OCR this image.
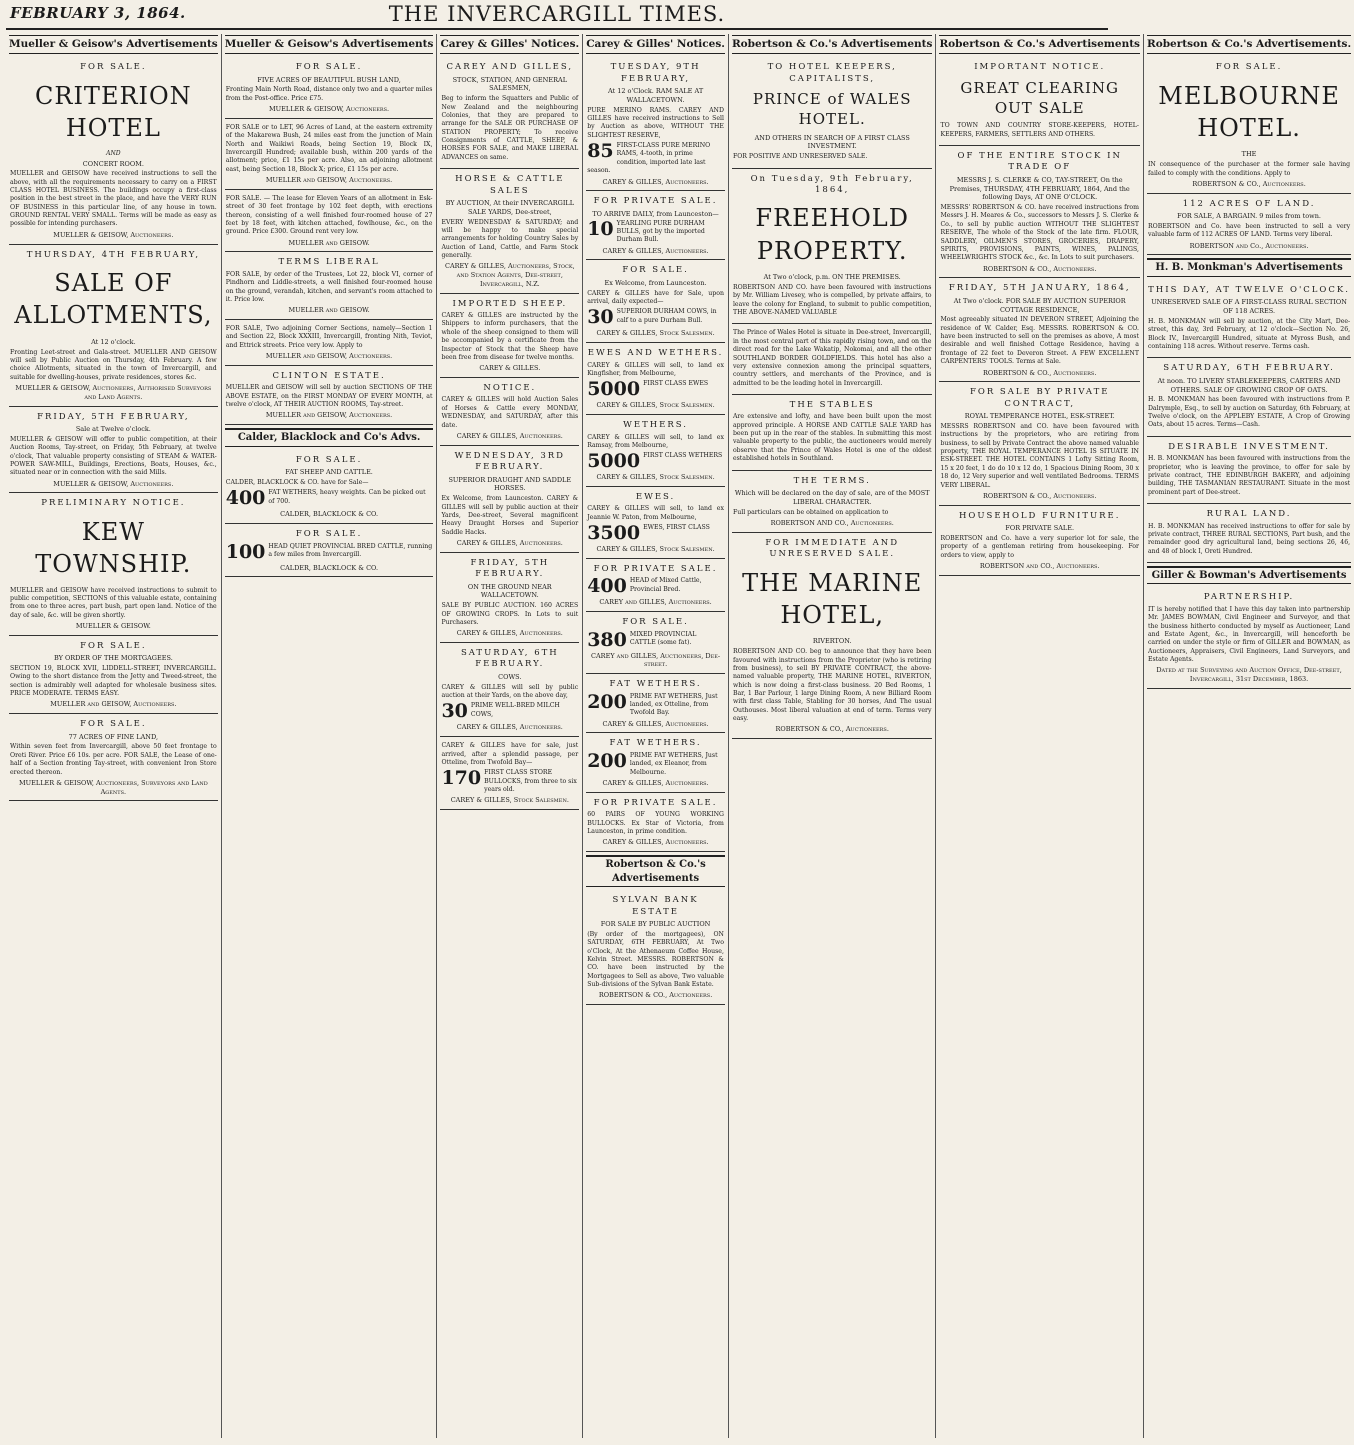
FEBRUARY 3, 1864.	THE INVERCARGILL TIMES.
Mueller & Geisow's Advertisements
FOR SALE.
CRITERION HOTEL
AND
CONCERT ROOM.
MUELLER and GEISOW have received instructions to sell the above, with all the requirements necessary to carry on a FIRST CLASS HOTEL BUSINESS. The buildings occupy a first-class position in the best street in the place, and have the VERY RUN OF BUSINESS in this particular line, of any house in town. GROUND RENTAL VERY SMALL. Terms will be made as easy as possible for intending purchasers.
MUELLER & GEISOW, Auctioneers.
THURSDAY, 4TH FEBRUARY,
SALE OF ALLOTMENTS,
At 12 o'clock.
Fronting Leet-street and Gala-street. MUELLER AND GEISOW will sell by Public Auction on Thursday, 4th February. A few choice Allotments, situated in the town of Invercargill, and suitable for dwelling-houses, private residences, stores &c.
MUELLER & GEISOW, Auctioneers, Authorised Surveyors and Land Agents.
FRIDAY, 5TH FEBRUARY,
Sale at Twelve o'clock.
MUELLER & GEISOW will offer to public competition, at their Auction Rooms, Tay-street, on Friday, 5th February, at twelve o'clock, That valuable property consisting of STEAM & WATER-POWER SAW-MILL, Buildings, Erections, Boats, Houses, &c., situated near or in connection with the said Mills.
MUELLER & GEISOW, Auctioneers.
PRELIMINARY NOTICE.
KEW TOWNSHIP.
MUELLER and GEISOW have received instructions to submit to public competition, SECTIONS of this valuable estate, containing from one to three acres, part bush, part open land. Notice of the day of sale, &c. will be given shortly.
MUELLER & GEISOW.
FOR SALE.
BY ORDER OF THE MORTGAGEES.
SECTION 19, BLOCK XVII, LIDDELL-STREET, INVERCARGILL. Owing to the short distance from the Jetty and Tweed-street, the section is admirably well adapted for wholesale business sites. PRICE MODERATE. TERMS EASY.
MUELLER and GEISOW, Auctioneers.
FOR SALE.
77 ACRES OF FINE LAND,
Within seven feet from Invercargill, above 50 feet frontage to Oreti River. Price £6 10s. per acre. FOR SALE, the Lease of one-half of a Section fronting Tay-street, with convenient Iron Store erected thereon.
MUELLER & GEISOW, Auctioneers, Surveyors and Land Agents.
Mueller & Geisow's Advertisements
FOR SALE.
FIVE ACRES OF BEAUTIFUL BUSH LAND,
Fronting Main North Road, distance only two and a quarter miles from the Post-office. Price £75.
MUELLER & GEISOW, Auctioneers.
FOR SALE or to LET, 96 Acres of Land, at the eastern extremity of the Makarewa Bush, 24 miles east from the junction of Main North and Waikiwi Roads, being Section 19, Block IX, Invercargill Hundred; available bush, within 200 yards of the allotment; price, £1 15s per acre. Also, an adjoining allotment east, being Section 18, Block X; price, £1 15s per acre.
MUELLER and GEISOW, Auctioneers.
FOR SALE. — The lease for Eleven Years of an allotment in Esk-street of 30 feet frontage by 102 feet depth, with erections thereon, consisting of a well finished four-roomed house of 27 feet by 18 feet, with kitchen attached, fowlhouse, &c., on the ground. Price £300. Ground rent very low.
MUELLER and GEISOW.
TERMS LIBERAL
FOR SALE, by order of the Trustees, Lot 22, block VI, corner of Pindhorn and Liddle-streets, a well finished four-roomed house on the ground, verandah, kitchen, and servant's room attached to it. Price low.
MUELLER and GEISOW.
FOR SALE, Two adjoining Corner Sections, namely—Section 1 and Section 22, Block XXXIII, Invercargill, fronting Nith, Teviot, and Ettrick streets. Price very low. Apply to
MUELLER and GEISOW, Auctioneers.
CLINTON ESTATE.
MUELLER and GEISOW will sell by auction SECTIONS OF THE ABOVE ESTATE, on the FIRST MONDAY OF EVERY MONTH, at twelve o'clock, AT THEIR AUCTION ROOMS, Tay-street.
MUELLER and GEISOW, Auctioneers.
Calder, Blacklock and Co's Advs.
FOR SALE.
FAT SHEEP AND CATTLE.
CALDER, BLACKLOCK & CO. have for Sale—
400 FAT WETHERS, heavy weights. Can be picked out of 700.
CALDER, BLACKLOCK & CO.
FOR SALE.
100 HEAD QUIET PROVINCIAL BRED CATTLE, running a few miles from Invercargill.
CALDER, BLACKLOCK & CO.
Carey & Gilles' Notices.
CAREY AND GILLES,
STOCK, STATION, AND GENERAL SALESMEN,
Beg to inform the Squatters and Public of New Zealand and the neighbouring Colonies, that they are prepared to arrange for the SALE OR PURCHASE OF STATION PROPERTY; To receive Consignments of CATTLE, SHEEP, & HORSES FOR SALE, and MAKE LIBERAL ADVANCES on same.
HORSE & CATTLE SALES
BY AUCTION, At their INVERCARGILL SALE YARDS, Dee-street,
EVERY WEDNESDAY & SATURDAY; and will be happy to make special arrangements for holding Country Sales by Auction of Land, Cattle, and Farm Stock generally.
CAREY & GILLES, Auctioneers, Stock, and Station Agents, Dee-street, Invercargill, N.Z.
IMPORTED SHEEP.
CAREY & GILLES are instructed by the Shippers to inform purchasers, that the whole of the sheep consigned to them will be accompanied by a certificate from the Inspector of Stock that the Sheep have been free from disease for twelve months.
CAREY & GILLES.
NOTICE.
CAREY & GILLES will hold Auction Sales of Horses & Cattle every MONDAY, WEDNESDAY, and SATURDAY, after this date.
CAREY & GILLES, Auctioneers.
WEDNESDAY, 3RD FEBRUARY.
SUPERIOR DRAUGHT AND SADDLE HORSES.
Ex Welcome, from Launceston. CAREY & GILLES will sell by public auction at their Yards, Dee-street, Several magnificent Heavy Draught Horses and Superior Saddle Hacks.
CAREY & GILLES, Auctioneers.
FRIDAY, 5TH FEBRUARY.
ON THE GROUND NEAR WALLACETOWN.
SALE BY PUBLIC AUCTION. 160 ACRES OF GROWING CROPS. In Lots to suit Purchasers.
CAREY & GILLES, Auctioneers.
SATURDAY, 6TH FEBRUARY.
COWS.
CAREY & GILLES will sell by public auction at their Yards, on the above day,
30 PRIME WELL-BRED MILCH COWS,
CAREY & GILLES, Auctioneers.
CAREY & GILLES have for sale, just arrived, after a splendid passage, per Otteline, from Twofold Bay—
170 FIRST CLASS STORE BULLOCKS, from three to six years old.
CAREY & GILLES, Stock Salesmen.
Carey & Gilles' Notices.
TUESDAY, 9TH FEBRUARY,
At 12 o'Clock. RAM SALE AT WALLACETOWN.
PURE MERINO RAMS. CAREY AND GILLES have received instructions to Sell by Auction as above, WITHOUT THE SLIGHTEST RESERVE,
85 FIRST-CLASS PURE MERINO RAMS, 4-tooth, in prime condition, imported late last season.
CAREY & GILLES, Auctioneers.
FOR PRIVATE SALE.
TO ARRIVE DAILY, from Launceston—
10 YEARLING PURE DURHAM BULLS, got by the imported Durham Bull.
CAREY & GILLES, Auctioneers.
FOR SALE.
Ex Welcome, from Launceston.
CAREY & GILLES have for Sale, upon arrival, daily expected—
30 SUPERIOR DURHAM COWS, in calf to a pure Durham Bull.
CAREY & GILLES, Stock Salesmen.
EWES AND WETHERS.
CAREY & GILLES will sell, to land ex Kingfisher, from Melbourne,
5000 FIRST CLASS EWES
CAREY & GILLES, Stock Salesmen.
WETHERS.
CAREY & GILLES will sell, to land ex Ramsay, from Melbourne,
5000 FIRST CLASS WETHERS
CAREY & GILLES, Stock Salesmen.
EWES.
CAREY & GILLES will sell, to land ex Jeannie W. Paton, from Melbourne,
3500 EWES, FIRST CLASS
CAREY & GILLES, Stock Salesmen.
FOR PRIVATE SALE.
400 HEAD of Mixed Cattle, Provincial Bred.
CAREY and GILLES, Auctioneers.
FOR SALE.
380 MIXED PROVINCIAL CATTLE (some fat).
CAREY and GILLES, Auctioneers, Dee-street.
FAT WETHERS.
200 PRIME FAT WETHERS, Just landed, ex Otteline, from Twofold Bay.
CAREY & GILLES, Auctioneers.
FAT WETHERS.
200 PRIME FAT WETHERS, Just landed, ex Eleanor, from Melbourne.
CAREY & GILLES, Auctioneers.
FOR PRIVATE SALE.
60 PAIRS OF YOUNG WORKING BULLOCKS. Ex Star of Victoria, from Launceston, in prime condition.
CAREY & GILLES, Auctioneers.
Robertson & Co.'s Advertisements
SYLVAN BANK ESTATE
FOR SALE BY PUBLIC AUCTION
(By order of the mortgagees), ON SATURDAY, 6TH FEBRUARY, At Two o'Clock, At the Athenaeum Coffee House, Kelvin Street. MESSRS. ROBERTSON & CO. have been instructed by the Mortgagees to Sell as above, Two valuable Sub-divisions of the Sylvan Bank Estate.
ROBERTSON & CO., Auctioneers.
Robertson & Co.'s Advertisements
TO HOTEL KEEPERS, CAPITALISTS,
PRINCE of WALES HOTEL.
AND OTHERS IN SEARCH OF A FIRST CLASS INVESTMENT.
FOR POSITIVE AND UNRESERVED SALE.
On Tuesday, 9th February, 1864,
FREEHOLD PROPERTY.
At Two o'clock, p.m. ON THE PREMISES.
ROBERTSON AND CO. have been favoured with instructions by Mr. William Livesey, who is compelled, by private affairs, to leave the colony for England, to submit to public competition, THE ABOVE-NAMED VALUABLE
The Prince of Wales Hotel is situate in Dee-street, Invercargill, in the most central part of this rapidly rising town, and on the direct road for the Lake Wakatip, Nokomai, and all the other SOUTHLAND BORDER GOLDFIELDS. This hotel has also a very extensive connexion among the principal squatters, country settlers, and merchants of the Province, and is admitted to be the leading hotel in Invercargill.
THE STABLES
Are extensive and lofty, and have been built upon the most approved principle. A HORSE AND CATTLE SALE YARD has been put up in the rear of the stables. In submitting this most valuable property to the public, the auctioneers would merely observe that the Prince of Wales Hotel is one of the oldest established hotels in Southland.
THE TERMS.
Which will be declared on the day of sale, are of the MOST LIBERAL CHARACTER.
Full particulars can be obtained on application to
ROBERTSON AND CO., Auctioneers.
FOR IMMEDIATE AND UNRESERVED SALE.
THE MARINE HOTEL,
RIVERTON.
ROBERTSON AND CO. beg to announce that they have been favoured with instructions from the Proprietor (who is retiring from business), to sell BY PRIVATE CONTRACT, the above-named valuable property, THE MARINE HOTEL, RIVERTON, which is now doing a first-class business. 20 Bed Rooms, 1 Bar, 1 Bar Parlour, 1 large Dining Room, A new Billiard Room with first class Table, Stabling for 30 horses, And The usual Outhouses. Most liberal valuation at end of term. Terms very easy.
ROBERTSON & CO., Auctioneers.
Robertson & Co.'s Advertisements
IMPORTANT NOTICE.
GREAT CLEARING OUT SALE
TO TOWN AND COUNTRY STORE-KEEPERS, HOTEL-KEEPERS, FARMERS, SETTLERS AND OTHERS.
OF THE ENTIRE STOCK IN TRADE OF
MESSRS J. S. CLERKE & CO, TAY-STREET, On the Premises, THURSDAY, 4TH FEBRUARY, 1864, And the following Days, AT ONE O'CLOCK.
MESSRS' ROBERTSON & CO. have received instructions from Messrs J. H. Meares & Co., successors to Messrs J. S. Clerke & Co., to sell by public auction WITHOUT THE SLIGHTEST RESERVE, The whole of the Stock of the late firm. FLOUR, SADDLERY, OILMEN'S STORES, GROCERIES, DRAPERY, SPIRITS, PROVISIONS, PAINTS, WINES, PALINGS, WHEELWRIGHTS STOCK &c., &c. In Lots to suit purchasers.
ROBERTSON & CO., Auctioneers.
FRIDAY, 5TH JANUARY, 1864,
At Two o'clock. FOR SALE BY AUCTION SUPERIOR COTTAGE RESIDENCE,
Most agreeably situated IN DEVERON STREET, Adjoining the residence of W. Calder, Esq. MESSRS. ROBERTSON & CO. have been instructed to sell on the premises as above, A most desirable and well finished Cottage Residence, having a frontage of 22 feet to Deveron Street. A FEW EXCELLENT CARPENTERS' TOOLS. Terms at Sale.
ROBERTSON & CO., Auctioneers.
FOR SALE BY PRIVATE CONTRACT,
ROYAL TEMPERANCE HOTEL, ESK-STREET.
MESSRS ROBERTSON and CO. have been favoured with instructions by the proprietors, who are retiring from business, to sell by Private Contract the above named valuable property, THE ROYAL TEMPERANCE HOTEL IS SITUATE IN ESK-STREET. THE HOTEL CONTAINS 1 Lofty Sitting Room, 15 x 20 feet, 1 do do 10 x 12 do, 1 Spacious Dining Room, 30 x 18 do, 12 Very superior and well ventilated Bedrooms. TERMS VERY LIBERAL.
ROBERTSON & CO., Auctioneers.
HOUSEHOLD FURNITURE.
FOR PRIVATE SALE.
ROBERTSON and Co. have a very superior lot for sale, the property of a gentleman retiring from housekeeping. For orders to view, apply to
ROBERTSON and CO., Auctioneers.
Robertson & Co.'s Advertisements.
FOR SALE.
MELBOURNE HOTEL.
THE
IN consequence of the purchaser at the former sale having failed to comply with the conditions. Apply to
ROBERTSON & CO., Auctioneers.
112 ACRES OF LAND.
FOR SALE, A BARGAIN. 9 miles from town.
ROBERTSON and Co. have been instructed to sell a very valuable farm of 112 ACRES OF LAND. Terms very liberal.
ROBERTSON and Co., Auctioneers.
H. B. Monkman's Advertisements
THIS DAY, AT TWELVE O'CLOCK.
UNRESERVED SALE OF A FIRST-CLASS RURAL SECTION OF 118 ACRES.
H. B. MONKMAN will sell by auction, at the City Mart, Dee-street, this day, 3rd February, at 12 o'clock—Section No. 26, Block IV., Invercargill Hundred, situate at Myross Bush, and containing 118 acres. Without reserve. Terms cash.
SATURDAY, 6TH FEBRUARY.
At noon. TO LIVERY STABLEKEEPERS, CARTERS AND OTHERS. SALE OF GROWING CROP OF OATS.
H. B. MONKMAN has been favoured with instructions from P. Dalrymple, Esq., to sell by auction on Saturday, 6th February, at Twelve o'clock, on the APPLEBY ESTATE, A Crop of Growing Oats, about 15 acres. Terms—Cash.
DESIRABLE INVESTMENT.
H. B. MONKMAN has been favoured with instructions from the proprietor, who is leaving the province, to offer for sale by private contract, THE EDINBURGH BAKERY, and adjoining building, THE TASMANIAN RESTAURANT. Situate in the most prominent part of Dee-street.
RURAL LAND.
H. B. MONKMAN has received instructions to offer for sale by private contract, THREE RURAL SECTIONS, Part bush, and the remainder good dry agricultural land, being sections 26, 46, and 48 of block I, Oreti Hundred.
Giller & Bowman's Advertisements
PARTNERSHIP.
IT is hereby notified that I have this day taken into partnership Mr. JAMES BOWMAN, Civil Engineer and Surveyor, and that the business hitherto conducted by myself as Auctioneer, Land and Estate Agent, &c., in Invercargill, will henceforth be carried on under the style or firm of GILLER and BOWMAN, as Auctioneers, Appraisers, Civil Engineers, Land Surveyors, and Estate Agents.
Dated at the Surveying and Auction Office, Dee-street, Invercargill, 31st December, 1863.
